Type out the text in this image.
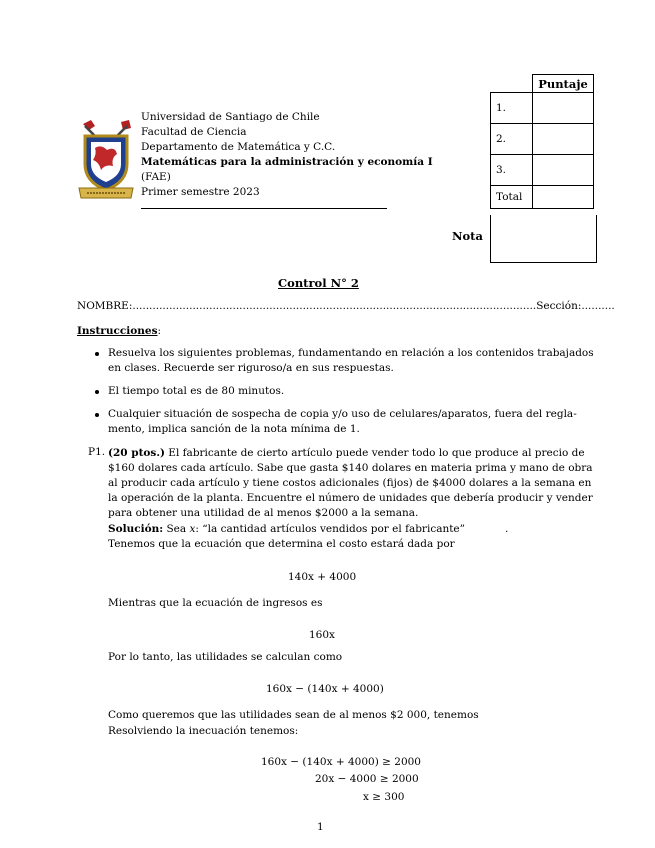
Universidad de Santiago de Chile
Facultad de Ciencia
Departamento de Matemática y C.C.
Matemáticas para la administración y economía I
(FAE)
Primer semestre 2023
	Puntaje
1.	
2.	
3.	
Total	
Nota
Control N° 2
NOMBRE:.........................................................................................................................Sección:..........
Instrucciones:
Resuelva los siguientes problemas, fundamentando en relación a los contenidos trabajados
en clases. Recuerde ser riguroso/a en sus respuestas.
El tiempo total es de 80 minutos.
Cualquier situación de sospecha de copia y/o uso de celulares/aparatos, fuera del regla-
mento, implica sanción de la nota mínima de 1.
P1. (20 ptos.) El fabricante de cierto artículo puede vender todo lo que produce al precio de
$160 dolares cada artículo. Sabe que gasta $140 dolares en materia prima y mano de obra
al producir cada artículo y tiene costos adicionales (fijos) de $4000 dolares a la semana en
la operación de la planta. Encuentre el número de unidades que debería producir y vender
para obtener una utilidad de al menos $2000 a la semana.
Solución: Sea x: “la cantidad artículos vendidos por el fabricante”	.
Tenemos que la ecuación que determina el costo estará dada por
140x + 4000
Mientras que la ecuación de ingresos es
160x
Por lo tanto, las utilidades se calculan como
160x − (140x + 4000)
Como queremos que las utilidades sean de al menos $2 000, tenemos
Resolviendo la inecuación tenemos:
160x − (140x + 4000) ≥ 2000
20x − 4000 ≥ 2000
x ≥ 300
1
